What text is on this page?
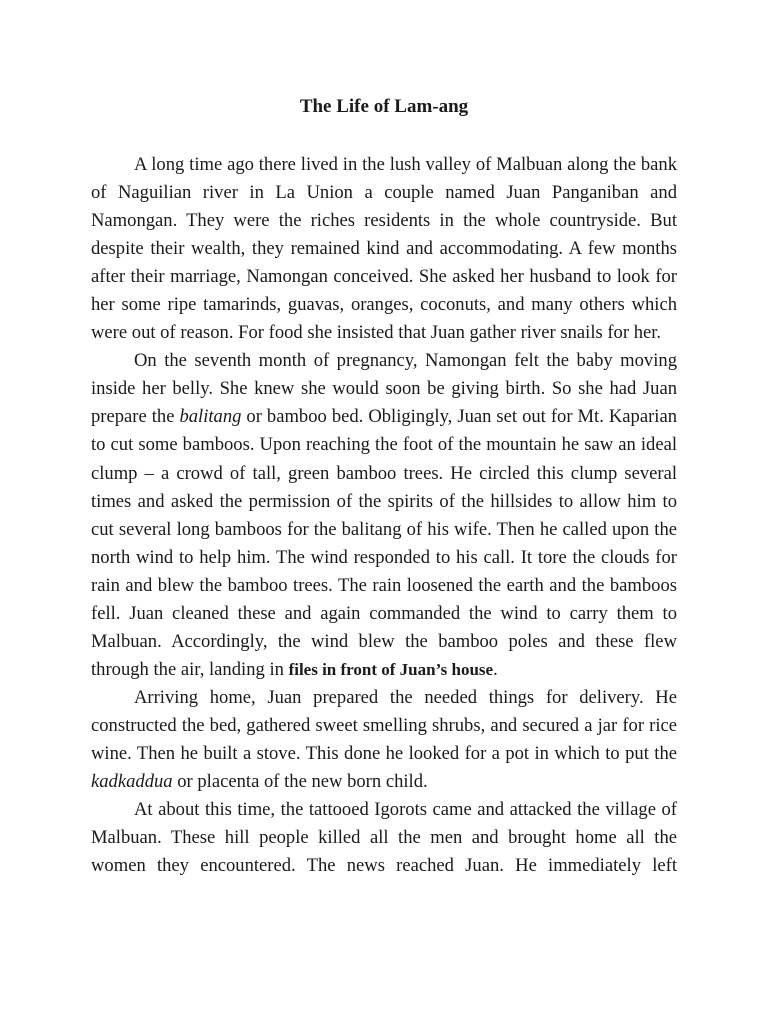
The Life of Lam-ang

A long time ago there lived in the lush valley of Malbuan along the bank of Naguilian river in La Union a couple named Juan Panganiban and Namongan. They were the riches residents in the whole countryside. But despite their wealth, they remained kind and accommodating. A few months after their marriage, Namongan conceived. She asked her husband to look for her some ripe tamarinds, guavas, oranges, coconuts, and many others which were out of reason. For food she insisted that Juan gather river snails for her.

On the seventh month of pregnancy, Namongan felt the baby moving inside her belly. She knew she would soon be giving birth. So she had Juan prepare the balitang or bamboo bed. Obligingly, Juan set out for Mt. Kaparian to cut some bamboos. Upon reaching the foot of the mountain he saw an ideal clump – a crowd of tall, green bamboo trees. He circled this clump several times and asked the permission of the spirits of the hillsides to allow him to cut several long bamboos for the balitang of his wife. Then he called upon the north wind to help him. The wind responded to his call. It tore the clouds for rain and blew the bamboo trees. The rain loosened the earth and the bamboos fell. Juan cleaned these and again commanded the wind to carry them to Malbuan. Accordingly, the wind blew the bamboo poles and these flew through the air, landing in files in front of Juan’s house.

Arriving home, Juan prepared the needed things for delivery. He constructed the bed, gathered sweet smelling shrubs, and secured a jar for rice wine. Then he built a stove. This done he looked for a pot in which to put the kadkaddua or placenta of the new born child.

At about this time, the tattooed Igorots came and attacked the village of Malbuan. These hill people killed all the men and brought home all the women they encountered. The news reached Juan. He immediately left
